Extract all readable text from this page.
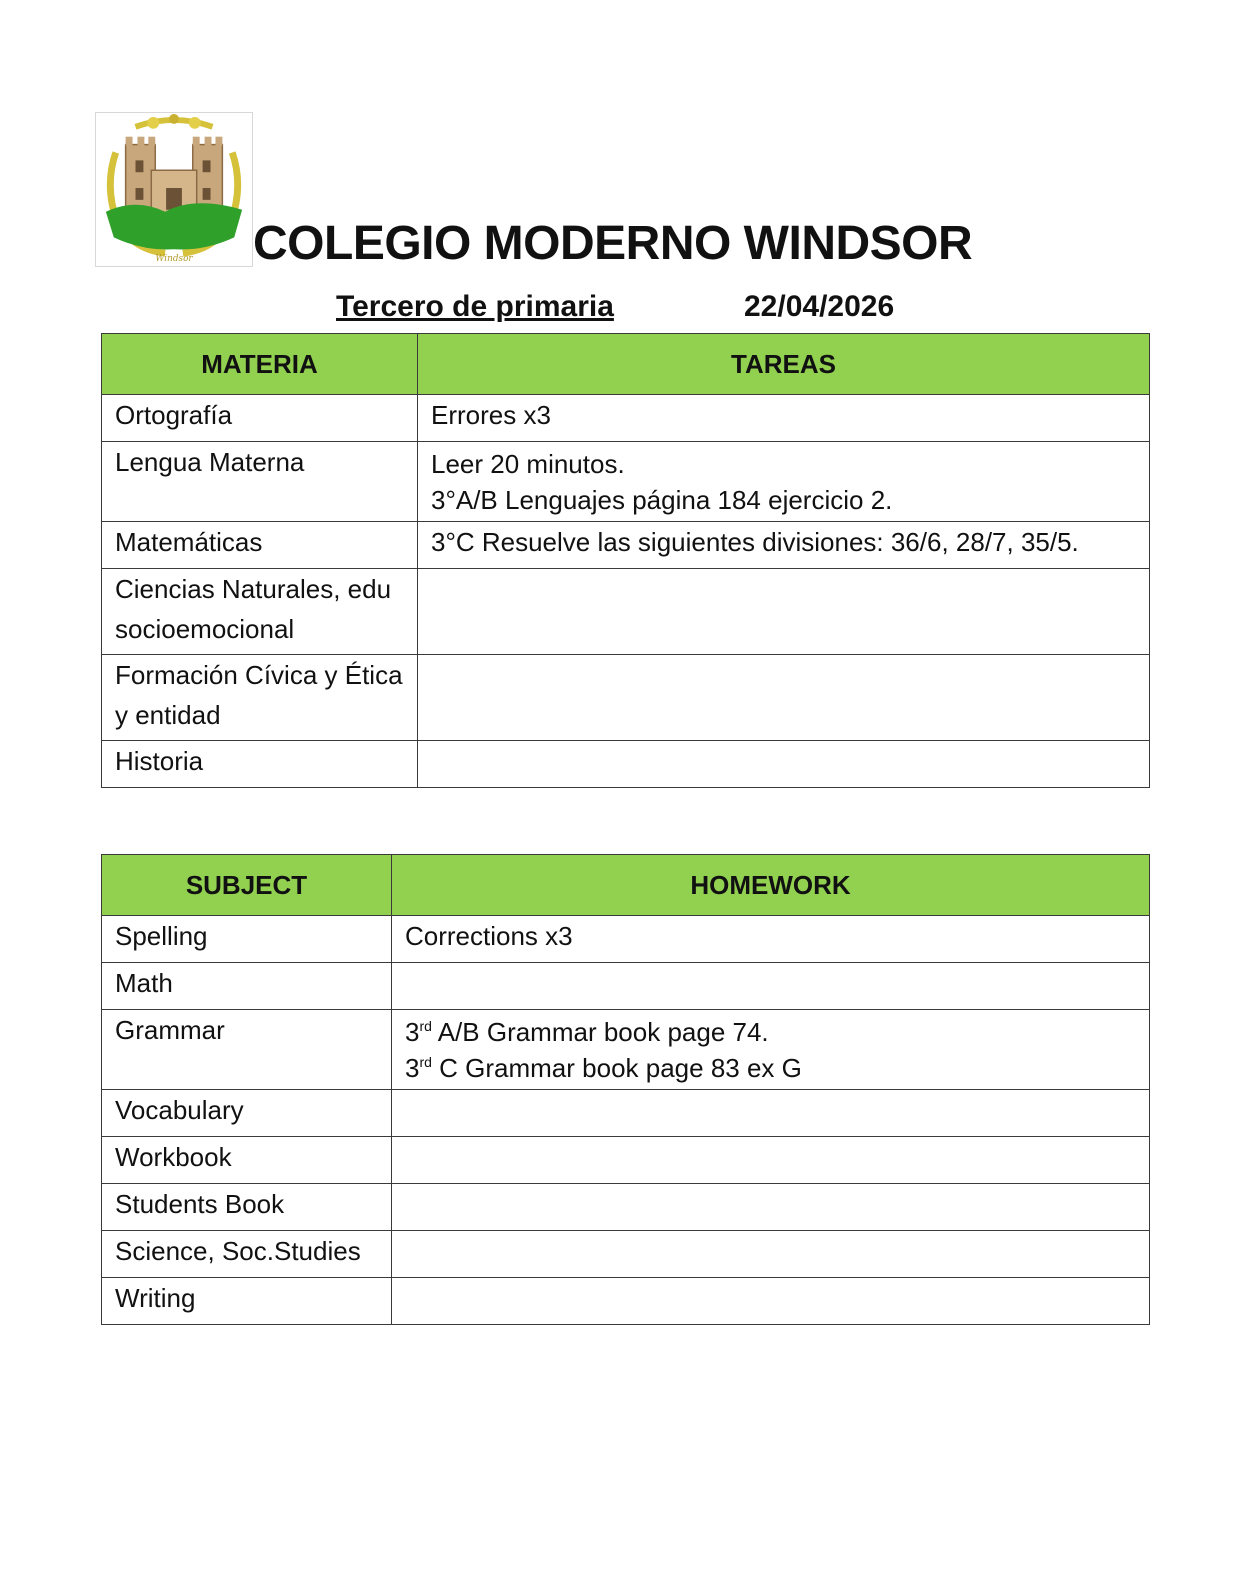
Windsor COLEGIO MODERNO WINDSOR
Tercero de primaria	22/04/2026
MATERIA	TAREAS
Ortografía	Errores x3

Lengua Materna	Leer 20 minutos.
3°A/B Lenguajes página 184 ejercicio 2.

Matemáticas	3°C Resuelve las siguientes divisiones: 36/6, 28/7, 35/5.

Ciencias Naturales, edu socioemocional	
Formación Cívica y Ética y entidad	
Historia	
SUBJECT	HOMEWORK
Spelling	Corrections x3

Math	
Grammar	3rd A/B Grammar book page 74.
3rd C Grammar book page 83 ex G

Vocabulary	
Workbook	
Students Book	
Science, Soc.Studies	
Writing	
